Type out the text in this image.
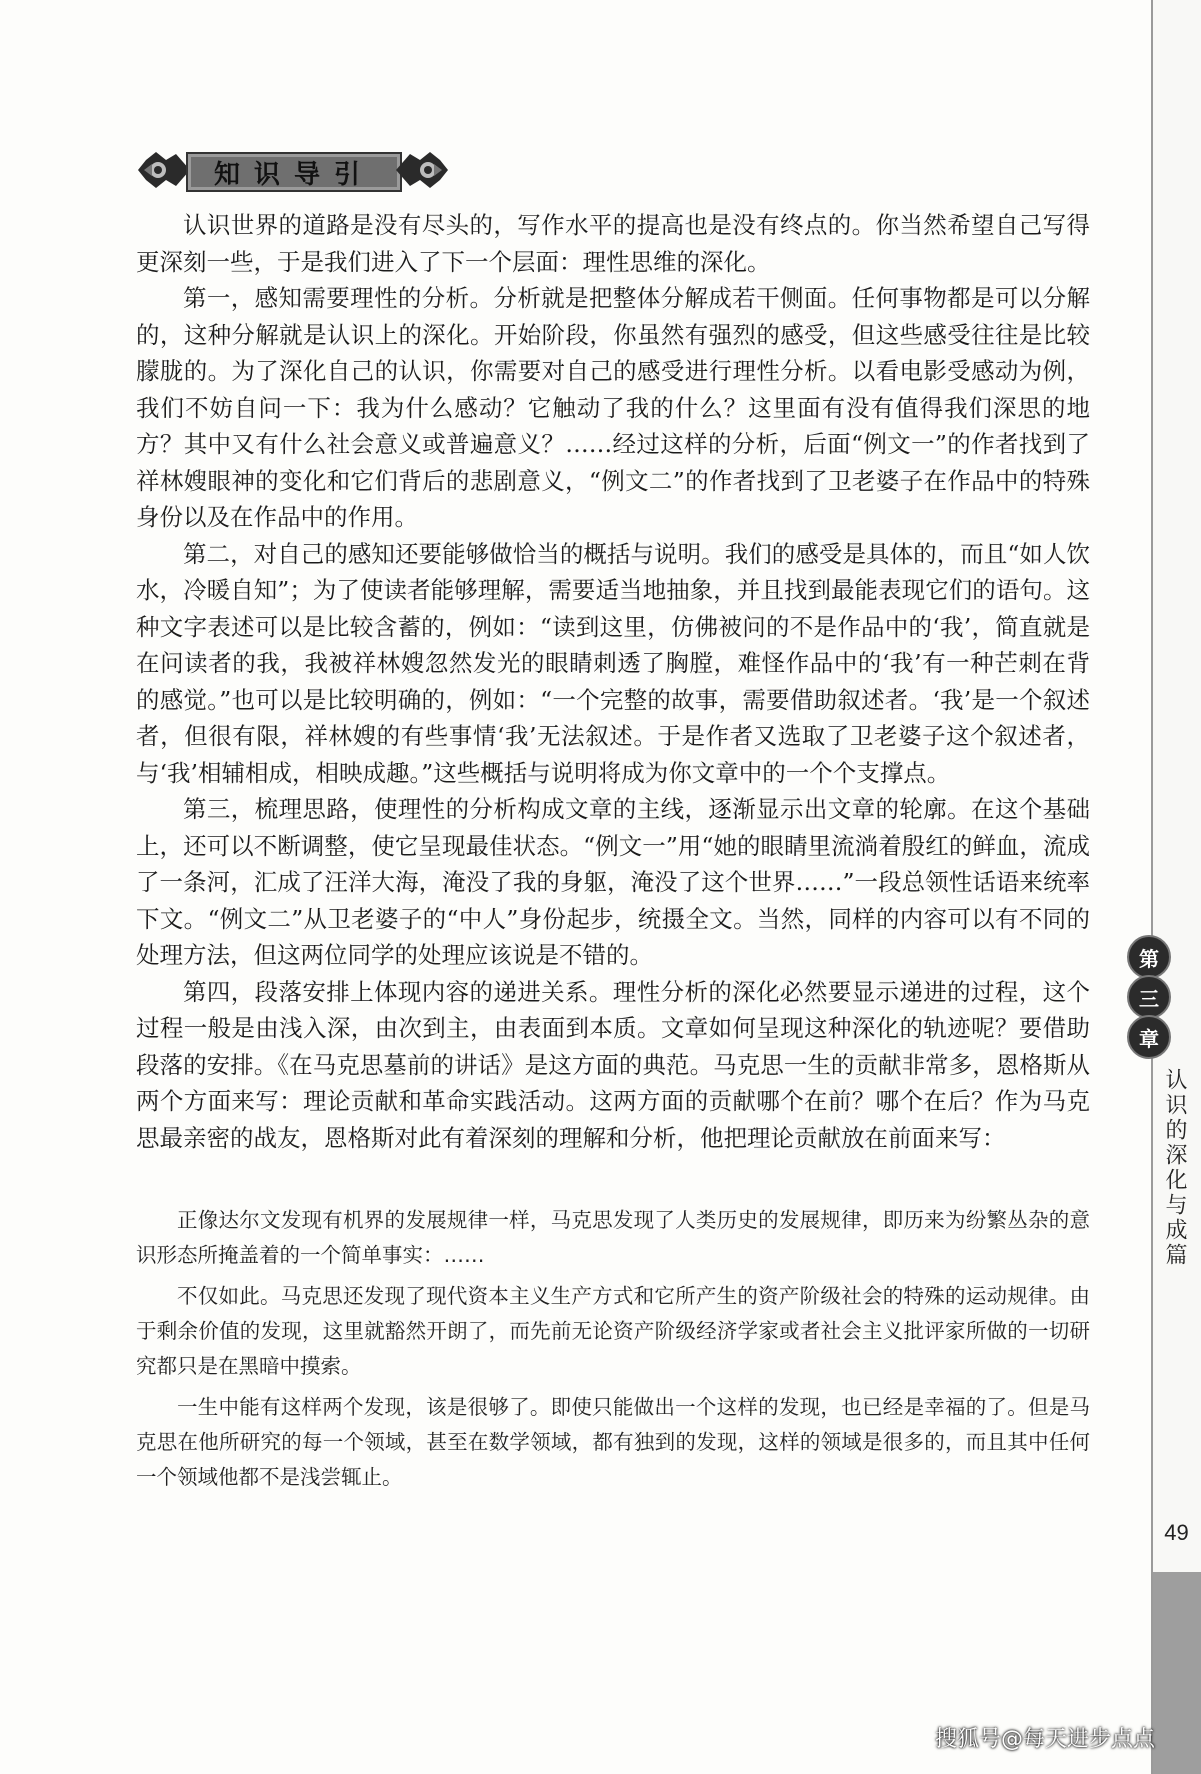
知识导引

认识世界的道路是没有尽头的，写作水平的提高也是没有终点的。你当然希望自己写得更深刻一些，于是我们进入了下一个层面：理性思维的深化。

第一，感知需要理性的分析。分析就是把整体分解成若干侧面。任何事物都是可以分解的，这种分解就是认识上的深化。开始阶段，你虽然有强烈的感受，但这些感受往往是比较朦胧的。为了深化自己的认识，你需要对自己的感受进行理性分析。以看电影受感动为例，我们不妨自问一下：我为什么感动？它触动了我的什么？这里面有没有值得我们深思的地方？其中又有什么社会意义或普遍意义？……经过这样的分析，后面“例文一”的作者找到了祥林嫂眼神的变化和它们背后的悲剧意义，“例文二”的作者找到了卫老婆子在作品中的特殊身份以及在作品中的作用。

第二，对自己的感知还要能够做恰当的概括与说明。我们的感受是具体的，而且“如人饮水，冷暖自知”；为了使读者能够理解，需要适当地抽象，并且找到最能表现它们的语句。这种文字表述可以是比较含蓄的，例如：“读到这里，仿佛被问的不是作品中的‘我’，简直就是在问读者的我，我被祥林嫂忽然发光的眼睛刺透了胸膛，难怪作品中的‘我’有一种芒刺在背的感觉。”也可以是比较明确的，例如：“一个完整的故事，需要借助叙述者。‘我’是一个叙述者，但很有限，祥林嫂的有些事情‘我’无法叙述。于是作者又选取了卫老婆子这个叙述者，与‘我’相辅相成，相映成趣。”这些概括与说明将成为你文章中的一个个支撑点。

第三，梳理思路，使理性的分析构成文章的主线，逐渐显示出文章的轮廓。在这个基础上，还可以不断调整，使它呈现最佳状态。“例文一”用“她的眼睛里流淌着殷红的鲜血，流成了一条河，汇成了汪洋大海，淹没了我的身躯，淹没了这个世界……”一段总领性话语来统率下文。“例文二”从卫老婆子的“中人”身份起步，统摄全文。当然，同样的内容可以有不同的处理方法，但这两位同学的处理应该说是不错的。

第四，段落安排上体现内容的递进关系。理性分析的深化必然要显示递进的过程，这个过程一般是由浅入深，由次到主，由表面到本质。文章如何呈现这种深化的轨迹呢？要借助段落的安排。《在马克思墓前的讲话》是这方面的典范。马克思一生的贡献非常多，恩格斯从两个方面来写：理论贡献和革命实践活动。这两方面的贡献哪个在前？哪个在后？作为马克思最亲密的战友，恩格斯对此有着深刻的理解和分析，他把理论贡献放在前面来写：

正像达尔文发现有机界的发展规律一样，马克思发现了人类历史的发展规律，即历来为纷繁丛杂的意识形态所掩盖着的一个简单事实：……

不仅如此。马克思还发现了现代资本主义生产方式和它所产生的资产阶级社会的特殊的运动规律。由于剩余价值的发现，这里就豁然开朗了，而先前无论资产阶级经济学家或者社会主义批评家所做的一切研究都只是在黑暗中摸索。

一生中能有这样两个发现，该是很够了。即使只能做出一个这样的发现，也已经是幸福的了。但是马克思在他所研究的每一个领域，甚至在数学领域，都有独到的发现，这样的领域是很多的，而且其中任何一个领域他都不是浅尝辄止。

第
三
章
认识的深化与成篇
49
搜狐号@每天进步点点
